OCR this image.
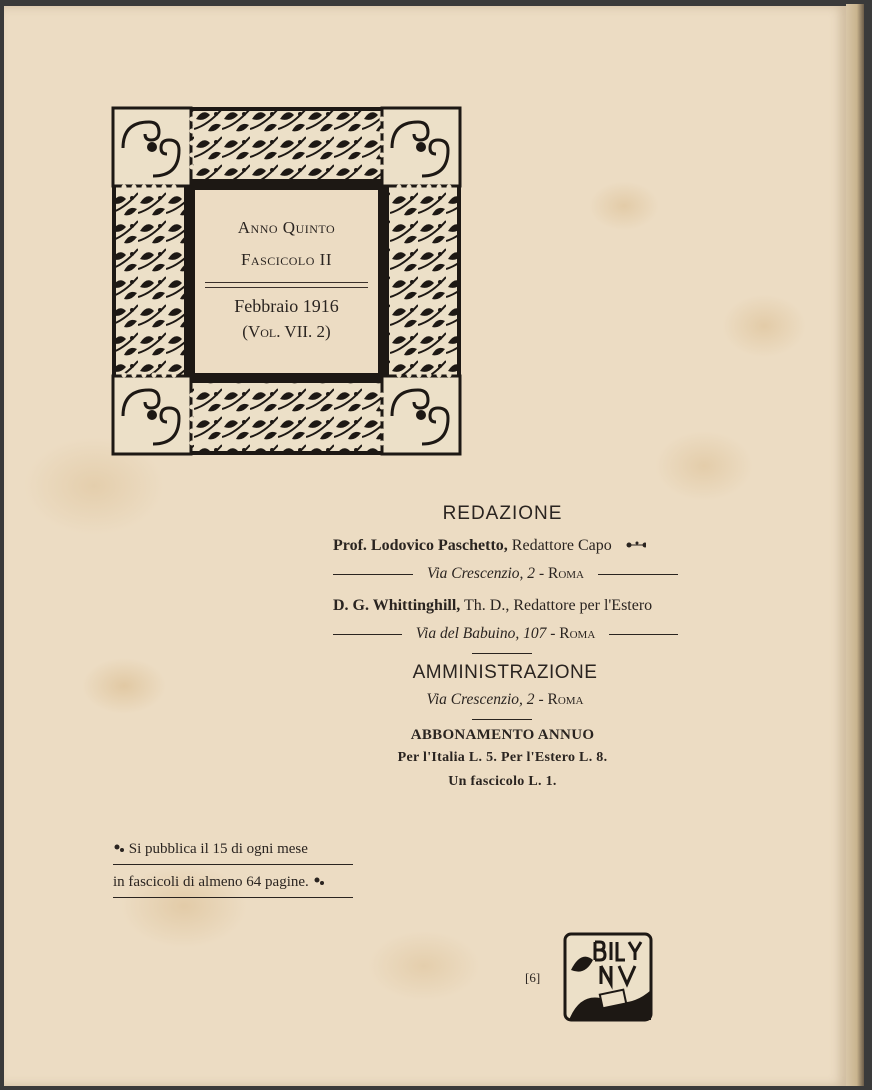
Anno Quinto
Fascicolo II
Febbraio 1916
(Vol. VII. 2)
REDAZIONE
Prof. Lodovico Paschetto, Redattore Capo
Via Crescenzio, 2 - Roma
D. G. Whittinghill, Th. D., Redattore per l'Estero
Via del Babuino, 107 - Roma
AMMINISTRAZIONE
Via Crescenzio, 2 - Roma
ABBONAMENTO ANNUO
Per l'Italia L. 5. Per l'Estero L. 8.
Un fascicolo L. 1.
Si pubblica il 15 di ogni mese
in fascicoli di almeno 64 pagine.
[6]
